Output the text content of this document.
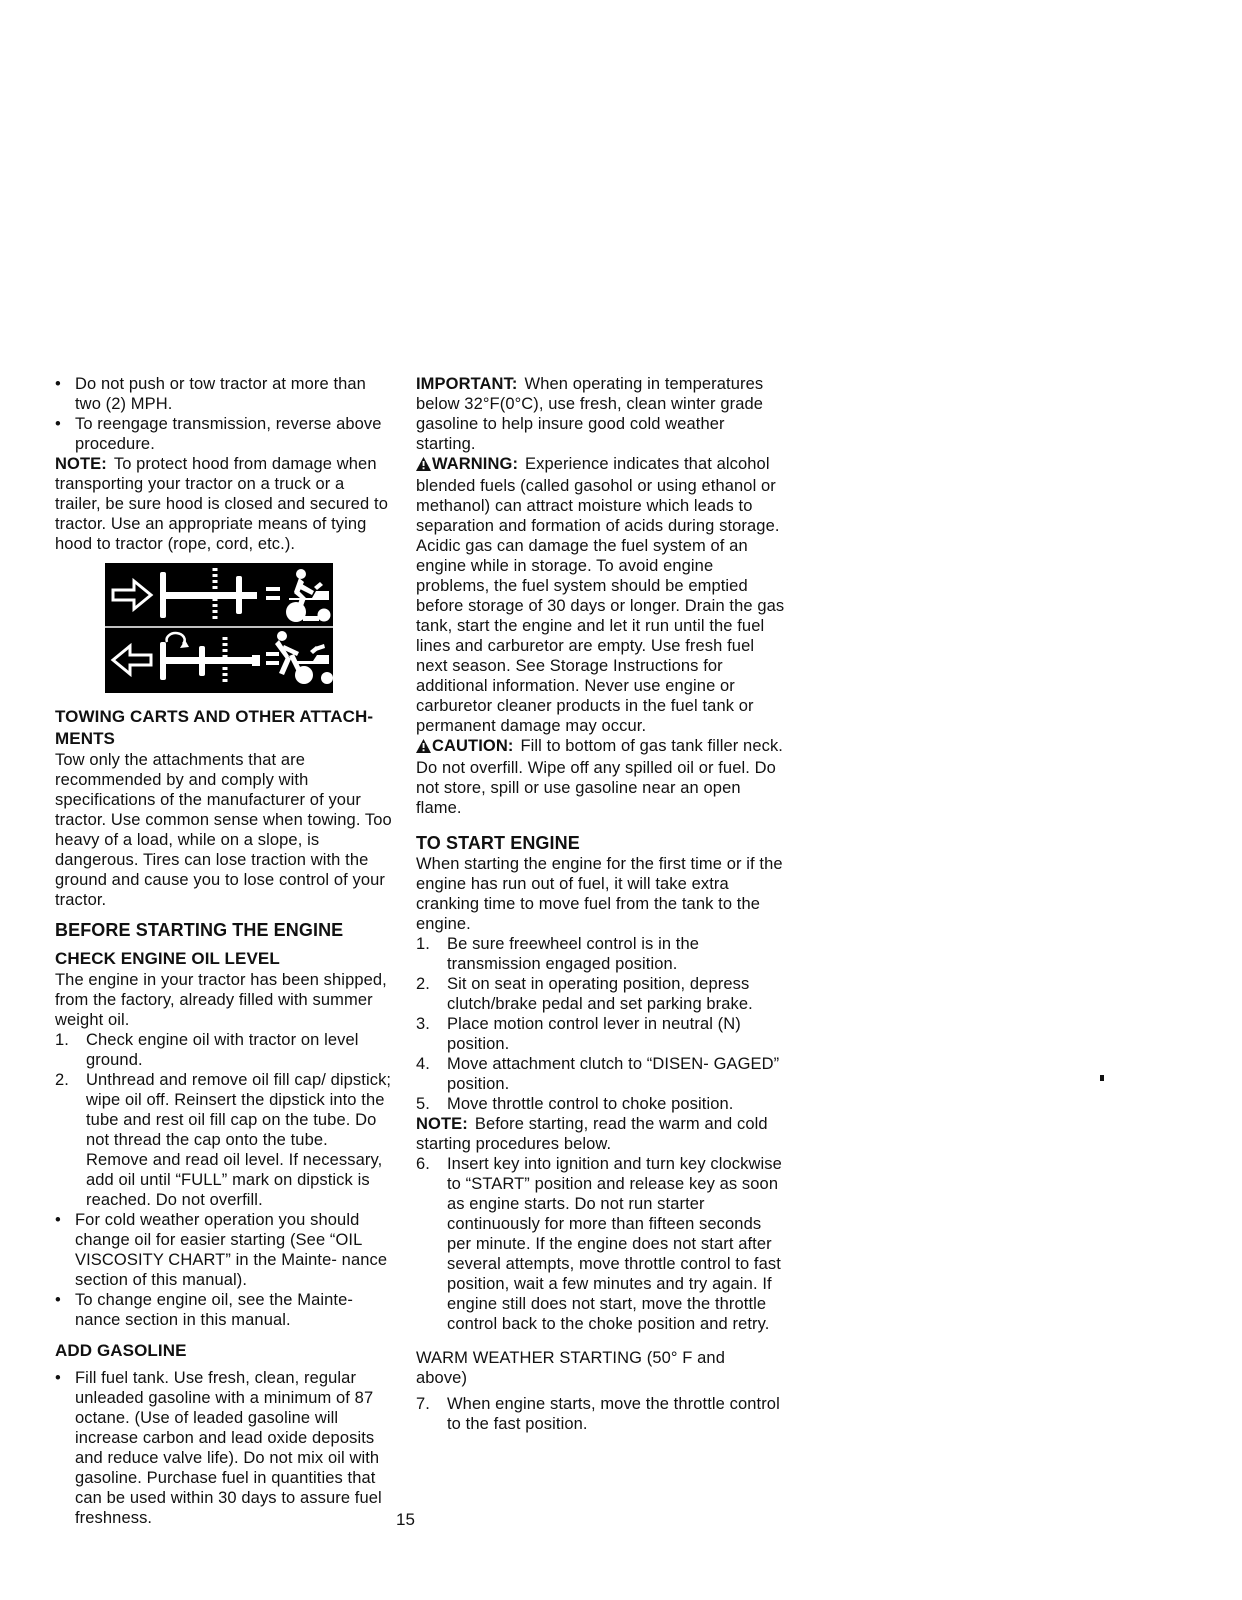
• Do not push or tow tractor at more than two (2) MPH.
• To reengage transmission, reverse above procedure.

NOTE: To protect hood from damage when transporting your tractor on a truck or a trailer, be sure hood is closed and secured to tractor. Use an appropriate means of tying hood to tractor (rope, cord, etc.).

TOWING CARTS AND OTHER ATTACH-
MENTS

Tow only the attachments that are recommended by and comply with specifications of the manufacturer of your tractor. Use common sense when towing. Too heavy of a load, while on a slope, is dangerous. Tires can lose traction with the ground and cause you to lose control of your tractor.

BEFORE STARTING THE ENGINE

CHECK ENGINE OIL LEVEL

The engine in your tractor has been shipped, from the factory, already filled with summer weight oil.

1.	Check engine oil with tractor on level ground.
2.	Unthread and remove oil fill cap/ dipstick; wipe oil off. Reinsert the dipstick into the tube and rest oil fill cap on the tube. Do not thread the cap onto the tube. Remove and read oil level. If necessary, add oil until “FULL” mark on dipstick is reached. Do not overfill.
• For cold weather operation you should change oil for easier starting (See “OIL VISCOSITY CHART” in the Mainte- nance section of this manual).
• To change engine oil, see the Mainte- nance section in this manual.

ADD GASOLINE

• Fill fuel tank. Use fresh, clean, regular unleaded gasoline with a minimum of 87 octane. (Use of leaded gasoline will increase carbon and lead oxide deposits and reduce valve life). Do not mix oil with gasoline. Purchase fuel in quantities that can be used within 30 days to assure fuel freshness.

IMPORTANT: When operating in temperatures below 32°F(0°C), use fresh, clean winter grade gasoline to help insure good cold weather starting.

WARNING: Experience indicates that alcohol blended fuels (called gasohol or using ethanol or methanol) can attract moisture which leads to separation and formation of acids during storage. Acidic gas can damage the fuel system of an engine while in storage. To avoid engine problems, the fuel system should be emptied before storage of 30 days or longer. Drain the gas tank, start the engine and let it run until the fuel lines and carburetor are empty. Use fresh fuel next season. See Storage Instructions for additional information. Never use engine or carburetor cleaner products in the fuel tank or permanent damage may occur.

CAUTION: Fill to bottom of gas tank filler neck. Do not overfill. Wipe off any spilled oil or fuel. Do not store, spill or use gasoline near an open flame.

TO START ENGINE

When starting the engine for the first time or if the engine has run out of fuel, it will take extra cranking time to move fuel from the tank to the engine.

1.	Be sure freewheel control is in the transmission engaged position.
2.	Sit on seat in operating position, depress clutch/brake pedal and set parking brake.
3.	Place motion control lever in neutral (N) position.
4.	Move attachment clutch to “DISEN- GAGED” position.
5.	Move throttle control to choke position.

NOTE: Before starting, read the warm and cold starting procedures below.

6.	Insert key into ignition and turn key clockwise to “START” position and release key as soon as engine starts. Do not run starter continuously for more than fifteen seconds per minute. If the engine does not start after several attempts, move throttle control to fast position, wait a few minutes and try again. If engine still does not start, move the throttle control back to the choke position and retry.

WARM WEATHER STARTING (50° F and
above)

7.	When engine starts, move the throttle control to the fast position.
15
